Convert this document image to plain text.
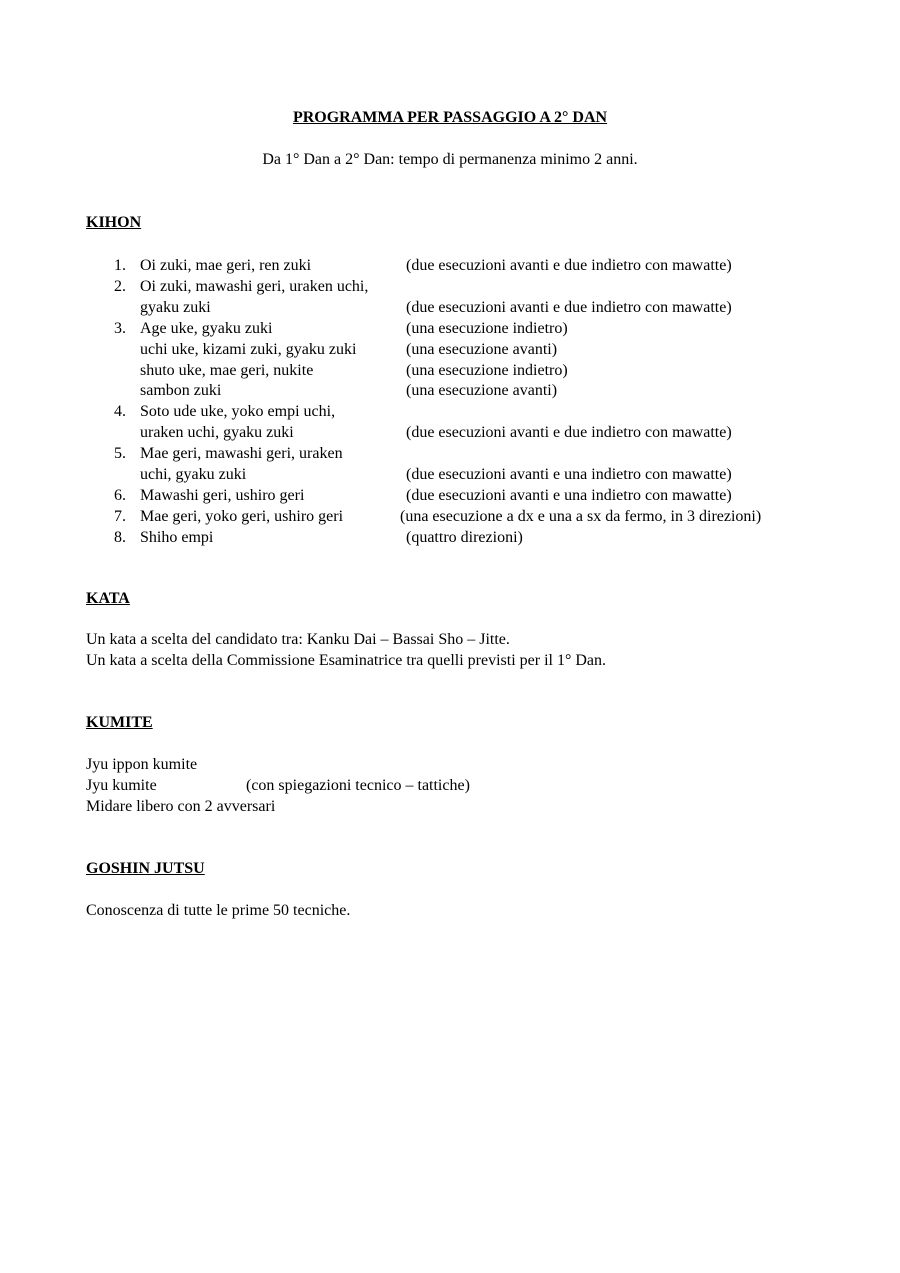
PROGRAMMA PER PASSAGGIO A 2° DAN
Da 1° Dan a 2° Dan: tempo di permanenza minimo 2 anni.
KIHON
1. Oi zuki, mae geri, ren zuki	(due esecuzioni avanti e due indietro con mawatte)
2. Oi zuki, mawashi geri, uraken uchi,
gyaku zuki	(due esecuzioni avanti e due indietro con mawatte)
3. Age uke, gyaku zuki	(una esecuzione indietro)
uchi uke, kizami zuki, gyaku zuki	(una esecuzione avanti)
shuto uke, mae geri, nukite	(una esecuzione indietro)
sambon zuki	(una esecuzione avanti)
4. Soto ude uke, yoko empi uchi,
uraken uchi, gyaku zuki	(due esecuzioni avanti e due indietro con mawatte)
5. Mae geri, mawashi geri, uraken
uchi, gyaku zuki	(due esecuzioni avanti e una indietro con mawatte)
6. Mawashi geri, ushiro geri	(due esecuzioni avanti e una indietro con mawatte)
7. Mae geri, yoko geri, ushiro geri	(una esecuzione a dx e una a sx da fermo, in 3 direzioni)
8. Shiho empi	(quattro direzioni)
KATA
Un kata a scelta del candidato tra: Kanku Dai – Bassai Sho – Jitte.
Un kata a scelta della Commissione Esaminatrice tra quelli previsti per il 1° Dan.
KUMITE
Jyu ippon kumite
Jyu kumite	(con spiegazioni tecnico – tattiche)
Midare libero con 2 avversari
GOSHIN JUTSU
Conoscenza di tutte le prime 50 tecniche.
